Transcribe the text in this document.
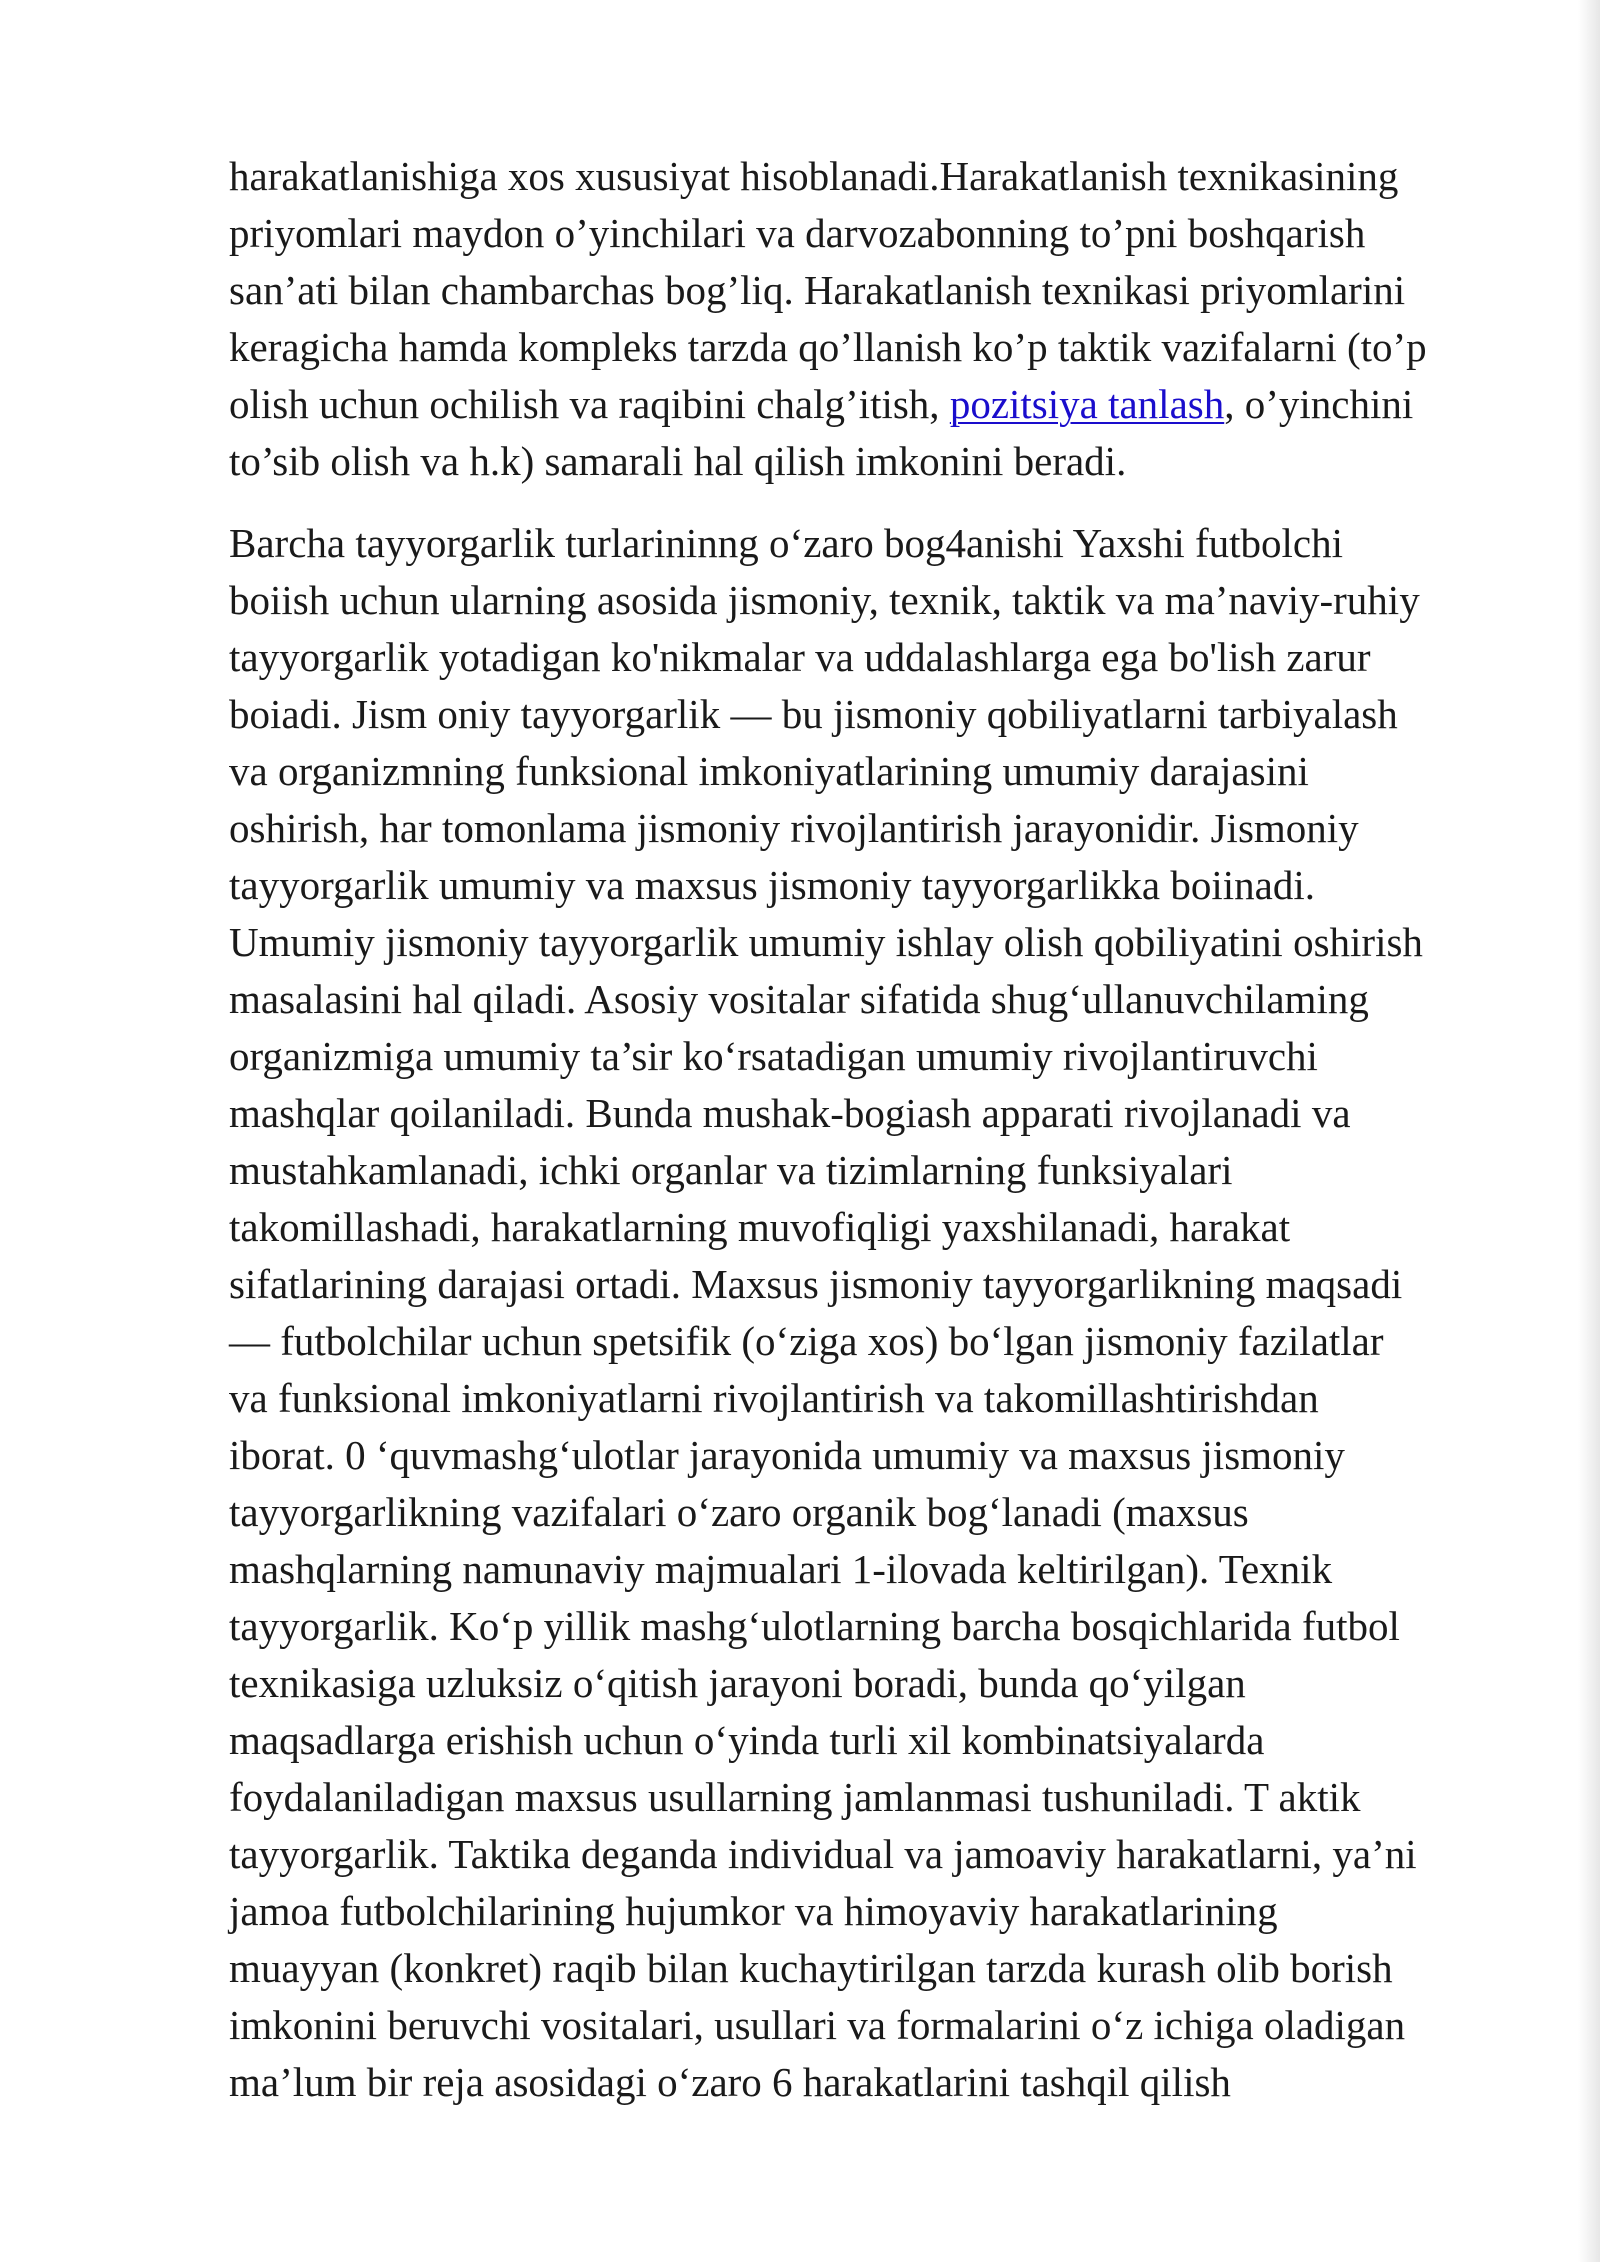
harakatlanishiga xos xususiyat hisoblanadi.Harakatlanish texnikasining
priyomlari maydon o’yinchilari va darvozabonning to’pni boshqarish
san’ati bilan chambarchas bog’liq. Harakatlanish texnikasi priyomlarini
keragicha hamda kompleks tarzda qo’llanish ko’p taktik vazifalarni (to’p
olish uchun ochilish va raqibini chalg’itish, pozitsiya tanlash, o’yinchini
to’sib olish va h.k) samarali hal qilish imkonini beradi.

Barcha tayyorgarlik turlarininng o‘zaro bog4anishi Yaxshi futbolchi
boiish uchun ularning asosida jismoniy, texnik, taktik va ma’naviy-ruhiy
tayyorgarlik yotadigan ko'nikmalar va uddalashlarga ega bo'lish zarur
boiadi. Jism oniy tayyorgarlik — bu jismoniy qobiliyatlarni tarbiyalash
va organizmning funksional imkoniyatlarining umumiy darajasini
oshirish, har tomonlama jismoniy rivojlantirish jarayonidir. Jismoniy
tayyorgarlik umumiy va maxsus jismoniy tayyorgarlikka boiinadi.
Umumiy jismoniy tayyorgarlik umumiy ishlay olish qobiliyatini oshirish
masalasini hal qiladi. Asosiy vositalar sifatida shug‘ullanuvchilaming
organizmiga umumiy ta’sir ko‘rsatadigan umumiy rivojlantiruvchi
mashqlar qoilaniladi. Bunda mushak-bogiash apparati rivojlanadi va
mustahkamlanadi, ichki organlar va tizimlarning funksiyalari
takomillashadi, harakatlarning muvofiqligi yaxshilanadi, harakat
sifatlarining darajasi ortadi. Maxsus jismoniy tayyorgarlikning maqsadi
— futbolchilar uchun spetsifik (o‘ziga xos) bo‘lgan jismoniy fazilatlar
va funksional imkoniyatlarni rivojlantirish va takomillashtirishdan
iborat. 0 ‘quvmashg‘ulotlar jarayonida umumiy va maxsus jismoniy
tayyorgarlikning vazifalari o‘zaro organik bog‘lanadi (maxsus
mashqlarning namunaviy majmualari 1-ilovada keltirilgan). Texnik
tayyorgarlik. Ko‘p yillik mashg‘ulotlarning barcha bosqichlarida futbol
texnikasiga uzluksiz o‘qitish jarayoni boradi, bunda qo‘yilgan
maqsadlarga erishish uchun o‘yinda turli xil kombinatsiyalarda
foydalaniladigan maxsus usullarning jamlanmasi tushuniladi. T aktik
tayyorgarlik. Taktika deganda individual va jamoaviy harakatlarni, ya’ni
jamoa futbolchilarining hujumkor va himoyaviy harakatlarining
muayyan (konkret) raqib bilan kuchaytirilgan tarzda kurash olib borish
imkonini beruvchi vositalari, usullari va formalarini o‘z ichiga oladigan
ma’lum bir reja asosidagi o‘zaro 6 harakatlarini tashqil qilish
